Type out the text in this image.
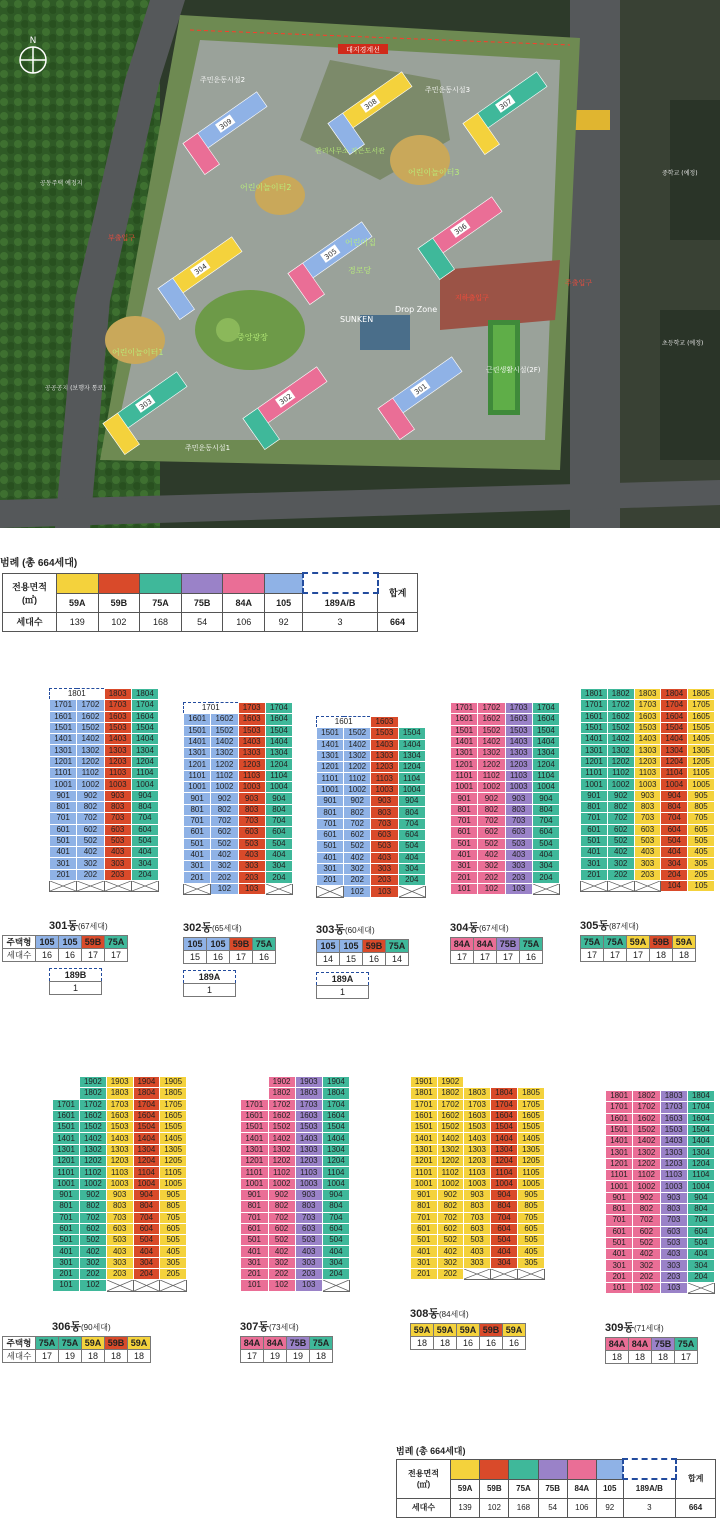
301
302
303
304
305
306
307
308
309
N
대지경계선
주민운동시설2
주민운동시설3
주민운동시설1
관리사무소·작은도서관
어린이놀이터2
어린이놀이터3
어린이놀이터1
SUNKEN
Drop Zone
중앙광장
어린이집
경로당
근린생활시설(2F)
주출입구
부출입구
지하출입구
공동주택 예정지
공공공지 (보행자 통로)
중학교 (예정)
초등학교 (예정)
범례 (총 664세대)
전용면적
(㎡)								합계
	59A	59B	75A	75B	84A	105	189A/B	
세대수	139	102	168	54	106	92	3	664
1801		1803	1804
1701	1702	1703	1704
1601	1602	1603	1604
1501	1502	1503	1504
1401	1402	1403	1404
1301	1302	1303	1304
1201	1202	1203	1204
1101	1102	1103	1104
1001	1002	1003	1004
901	902	903	904
801	802	803	804
701	702	703	704
601	602	603	604
501	502	503	504
401	402	403	404
301	302	303	304
201	202	203	204

301동(67세대)
주택형	105	105	59B	75A
세대수	16	16	17	17
189B
1
1701		1703	1704
1601	1602	1603	1604
1501	1502	1503	1504
1401	1402	1403	1404
1301	1302	1303	1304
1201	1202	1203	1204
1101	1102	1103	1104
1001	1002	1003	1004
901	902	903	904
801	802	803	804
701	702	703	704
601	602	603	604
501	502	503	504
401	402	403	404
301	302	303	304
201	202	203	204
	102	103	
302동(65세대)
105	105	59B	75A
15	16	17	16
189A
1
1601		1603	
1501	1502	1503	1504
1401	1402	1403	1404
1301	1302	1303	1304
1201	1202	1203	1204
1101	1102	1103	1104
1001	1002	1003	1004
901	902	903	904
801	802	803	804
701	702	703	704
601	602	603	604
501	502	503	504
401	402	403	404
301	302	303	304
201	202	203	204
	102	103	
303동(60세대)
105	105	59B	75A
14	15	16	14
189A
1
1701	1702	1703	1704
1601	1602	1603	1604
1501	1502	1503	1504
1401	1402	1403	1404
1301	1302	1303	1304
1201	1202	1203	1204
1101	1102	1103	1104
1001	1002	1003	1004
901	902	903	904
801	802	803	804
701	702	703	704
601	602	603	604
501	502	503	504
401	402	403	404
301	302	303	304
201	202	203	204
101	102	103	
304동(67세대)
84A	84A	75B	75A
17	17	17	16
1801	1802	1803	1804	1805
1701	1702	1703	1704	1705
1601	1602	1603	1604	1605
1501	1502	1503	1504	1505
1401	1402	1403	1404	1405
1301	1302	1303	1304	1305
1201	1202	1203	1204	1205
1101	1102	1103	1104	1105
1001	1002	1003	1004	1005
901	902	903	904	905
801	802	803	804	805
701	702	703	704	705
601	602	603	604	605
501	502	503	504	505
401	402	403	404	405
301	302	303	304	305
201	202	203	204	205
			104	105
305동(87세대)
75A	75A	59A	59B	59A
17	17	17	18	18
	1902	1903	1904	1905
	1802	1803	1804	1805
1701	1702	1703	1704	1705
1601	1602	1603	1604	1605
1501	1502	1503	1504	1505
1401	1402	1403	1404	1405
1301	1302	1303	1304	1305
1201	1202	1203	1204	1205
1101	1102	1103	1104	1105
1001	1002	1003	1004	1005
901	902	903	904	905
801	802	803	804	805
701	702	703	704	705
601	602	603	604	605
501	502	503	504	505
401	402	403	404	405
301	302	303	304	305
201	202	203	204	205
101	102			
306동(90세대)
주택형	75A	75A	59A	59B	59A
세대수	17	19	18	18	18
	1902	1903	1904
	1802	1803	1804
1701	1702	1703	1704
1601	1602	1603	1604
1501	1502	1503	1504
1401	1402	1403	1404
1301	1302	1303	1304
1201	1202	1203	1204
1101	1102	1103	1104
1001	1002	1003	1004
901	902	903	904
801	802	803	804
701	702	703	704
601	602	603	604
501	502	503	504
401	402	403	404
301	302	303	304
201	202	203	204
101	102	103	
307동(73세대)
84A	84A	75B	75A
17	19	19	18
1901	1902			
1801	1802	1803	1804	1805
1701	1702	1703	1704	1705
1601	1602	1603	1604	1605
1501	1502	1503	1504	1505
1401	1402	1403	1404	1405
1301	1302	1303	1304	1305
1201	1202	1203	1204	1205
1101	1102	1103	1104	1105
1001	1002	1003	1004	1005
901	902	903	904	905
801	802	803	804	805
701	702	703	704	705
601	602	603	604	605
501	502	503	504	505
401	402	403	404	405
301	302	303	304	305
201	202			
308동(84세대)
59A	59A	59A	59B	59A
18	18	16	16	16
1801	1802	1803	1804
1701	1702	1703	1704
1601	1602	1603	1604
1501	1502	1503	1504
1401	1402	1403	1404
1301	1302	1303	1304
1201	1202	1203	1204
1101	1102	1103	1104
1001	1002	1003	1004
901	902	903	904
801	802	803	804
701	702	703	704
601	602	603	604
501	502	503	504
401	402	403	404
301	302	303	304
201	202	203	204
101	102	103	
309동(71세대)
84A	84A	75B	75A
18	18	18	17
범례 (총 664세대)
전용면적
(㎡)								합계
	59A	59B	75A	75B	84A	105	189A/B	
세대수	139	102	168	54	106	92	3	664
